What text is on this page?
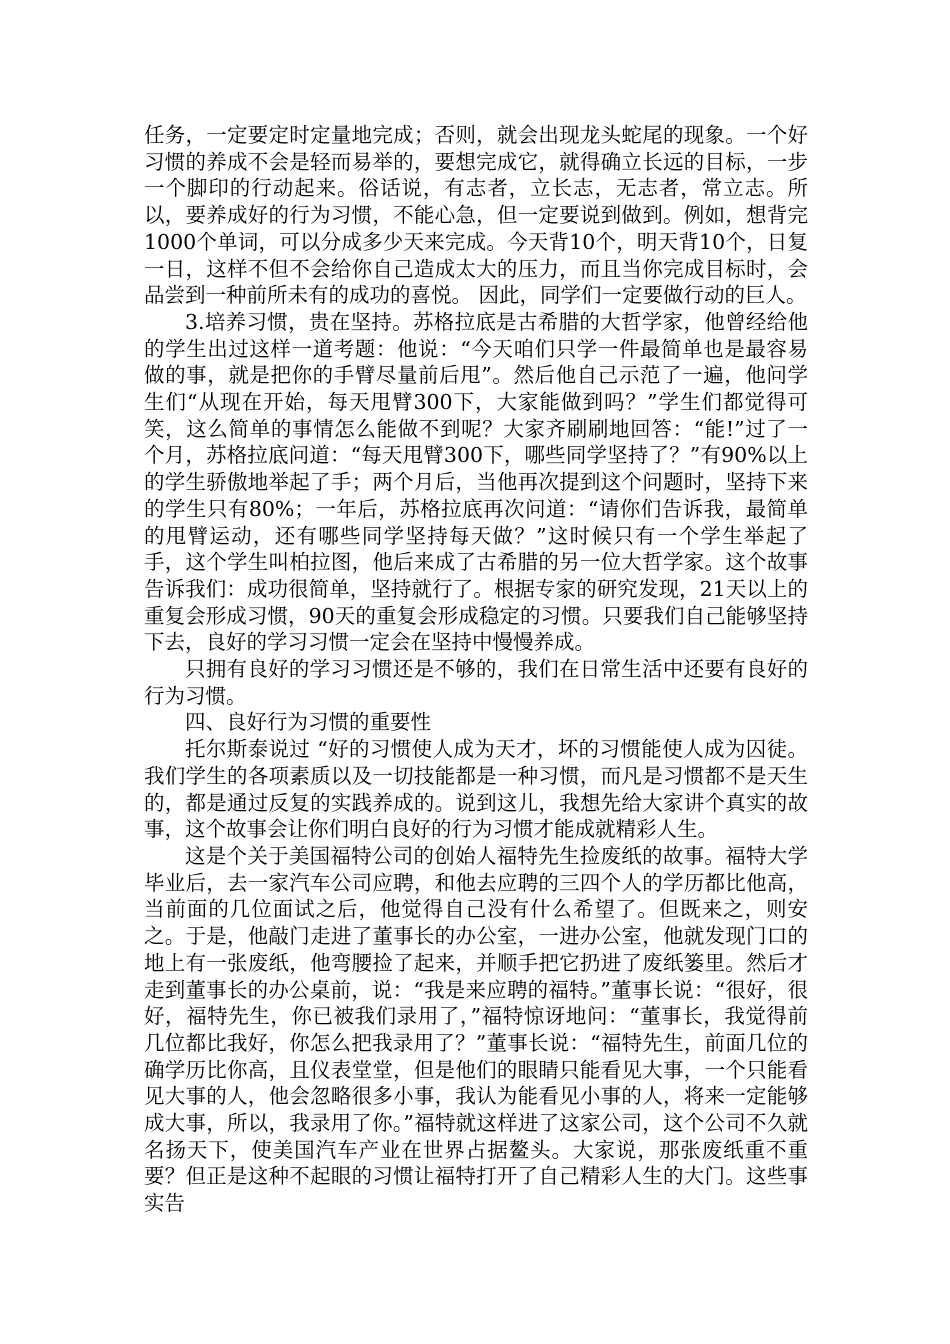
任务，一定要定时定量地完成；否则，就会出现龙头蛇尾的现象。一个好习惯的养成不会是轻而易举的，要想完成它，就得确立长远的目标，一步一个脚印的行动起来。俗话说，有志者，立长志，无志者，常立志。所以，要养成好的行为习惯，不能心急，但一定要说到做到。例如，想背完1000个单词，可以分成多少天来完成。今天背10个，明天背10个，日复一日，这样不但不会给你自己造成太大的压力，而且当你完成目标时，会品尝到一种前所未有的成功的喜悦。 因此，同学们一定要做行动的巨人。

3.培养习惯，贵在坚持。苏格拉底是古希腊的大哲学家，他曾经给他的学生出过这样一道考题：他说：“今天咱们只学一件最简单也是最容易做的事，就是把你的手臂尽量前后甩”。然后他自己示范了一遍，他问学生们“从现在开始，每天甩臂300下，大家能做到吗？”学生们都觉得可笑，这么简单的事情怎么能做不到呢？大家齐刷刷地回答：“能!”过了一个月，苏格拉底问道：“每天甩臂300下，哪些同学坚持了？”有90%以上的学生骄傲地举起了手；两个月后，当他再次提到这个问题时，坚持下来的学生只有80%；一年后，苏格拉底再次问道：“请你们告诉我，最简单的甩臂运动，还有哪些同学坚持每天做？”这时候只有一个学生举起了手，这个学生叫柏拉图，他后来成了古希腊的另一位大哲学家。这个故事告诉我们：成功很简单，坚持就行了。根据专家的研究发现，21天以上的重复会形成习惯，90天的重复会形成稳定的习惯。只要我们自己能够坚持下去，良好的学习习惯一定会在坚持中慢慢养成。

只拥有良好的学习习惯还是不够的，我们在日常生活中还要有良好的行为习惯。

四、良好行为习惯的重要性

托尔斯泰说过 “好的习惯使人成为天才，坏的习惯能使人成为囚徒。我们学生的各项素质以及一切技能都是一种习惯，而凡是习惯都不是天生的，都是通过反复的实践养成的。说到这儿，我想先给大家讲个真实的故事，这个故事会让你们明白良好的行为习惯才能成就精彩人生。

这是个关于美国福特公司的创始人福特先生捡废纸的故事。福特大学毕业后，去一家汽车公司应聘，和他去应聘的三四个人的学历都比他高，当前面的几位面试之后，他觉得自己没有什么希望了。但既来之，则安之。于是，他敲门走进了董事长的办公室，一进办公室，他就发现门口的地上有一张废纸，他弯腰捡了起来，并顺手把它扔进了废纸篓里。然后才走到董事长的办公桌前，说：“我是来应聘的福特。”董事长说：“很好，很好，福特先生，你已被我们录用了，”福特惊讶地问：“董事长，我觉得前几位都比我好，你怎么把我录用了？”董事长说：“福特先生，前面几位的确学历比你高，且仪表堂堂，但是他们的眼睛只能看见大事，一个只能看见大事的人，他会忽略很多小事，我认为能看见小事的人，将来一定能够成大事，所以，我录用了你。”福特就这样进了这家公司，这个公司不久就名扬天下，使美国汽车产业在世界占据鳌头。大家说，那张废纸重不重要？但正是这种不起眼的习惯让福特打开了自己精彩人生的大门。这些事实告
